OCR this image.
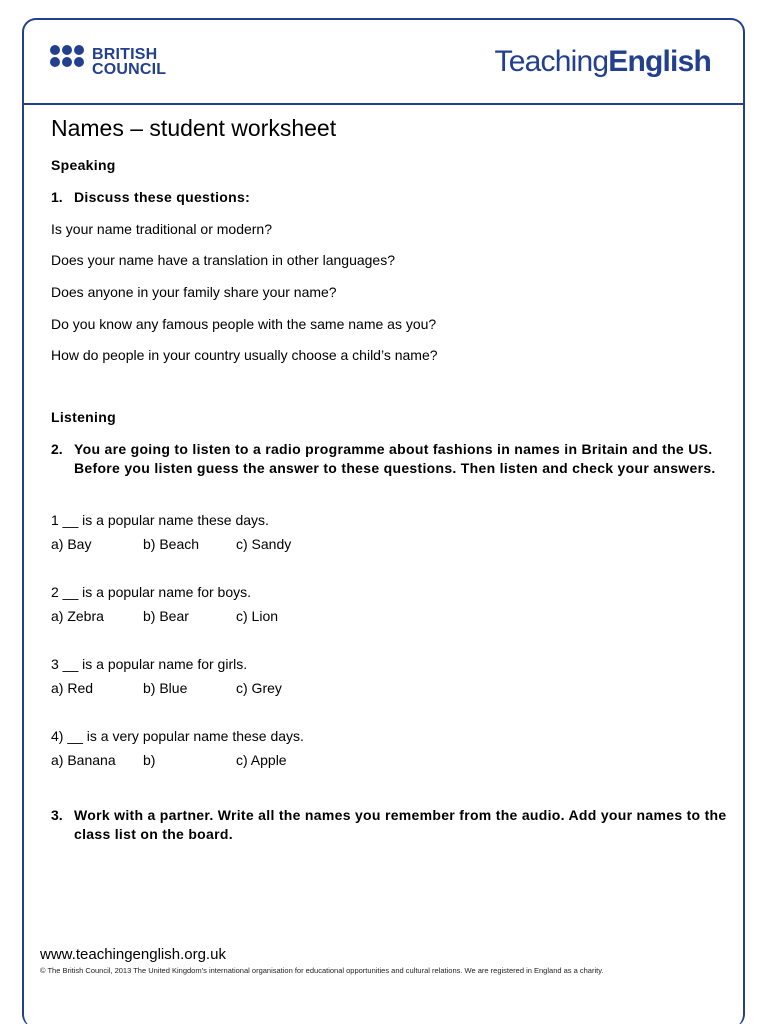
BRITISH
COUNCIL	TeachingEnglish
Names – student worksheet
Speaking
1. Discuss these questions:
Is your name traditional or modern?
Does your name have a translation in other languages?
Does anyone in your family share your name?
Do you know any famous people with the same name as you?
How do people in your country usually choose a child’s name?
Listening
2. You are going to listen to a radio programme about fashions in names in Britain and the US. Before you listen guess the answer to these questions. Then listen and check your answers.
1 __ is a popular name these days.
a) Bay	b) Beach	c) Sandy
2 __ is a popular name for boys.
a) Zebra	b) Bear	c) Lion
3 __ is a popular name for girls.
a) Red	b) Blue	c) Grey
4) __ is a very popular name these days.
a) Banana b)	c) Apple
3. Work with a partner. Write all the names you remember from the audio. Add your names to the class list on the board.
www.teachingenglish.org.uk
© The British Council, 2013 The United Kingdom’s international organisation for educational opportunities and cultural relations. We are registered in England as a charity.
